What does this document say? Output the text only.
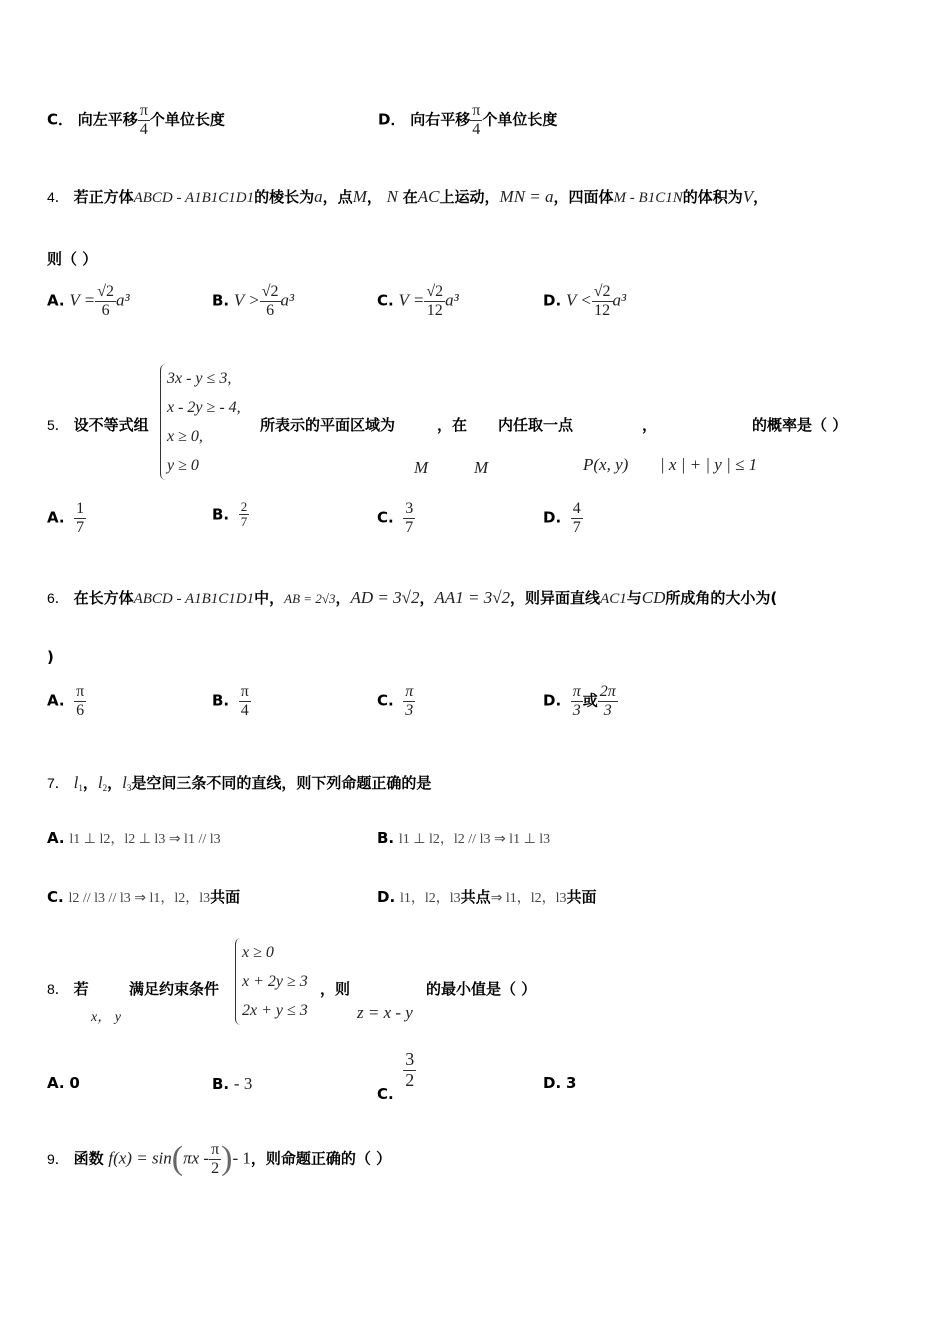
C． 向左平移 $\frac{\pi}{4}$ 个单位长度	D． 向右平移 $\frac{\pi}{4}$ 个单位长度
4． 若正方体ABCD - A1B1C1D1的棱长为a，点M， N 在AC上运动，MN = a，四面体M - B1C1N的体积为V，
则（ ）
A. $V = \frac{√2}{6} a^3$	B. $V > \frac{√2}{6} a^3$	C. $V = \frac{√2}{12} a^3$	D. $V < \frac{√2}{12} a^3$
5． 设不等式组
3x - y ≤ 3,
x - 2y ≥ - 4,
x ≥ 0,
y ≥ 0
所表示的平面区域为	，在 内任取一点	，	的概率是（ ）
M	M	P(x, y) | x | + | y | ≤ 1
A. $\frac{1}{7}$	B. $\frac{2}{7}$	C. $\frac{3}{7}$	D. $\frac{4}{7}$
6． 在长方体ABCD - A1B1C1D1中，AB = 2√3，AD = 3√2，AA1 = 3√2，则异面直线AC1与CD所成角的大小为(
)
A. $\frac{\pi}{6}$	B. $\frac{\pi}{4}$	C. $\frac{\pi}{3}$	D. $\frac{\pi}{3}$ 或 $\frac{2\pi}{3}$
7． l1，l2，l3是空间三条不同的直线，则下列命题正确的是
A. l1 ⊥ l2，l2 ⊥ l3 ⇒ l1 // l3	B. l1 ⊥ l2，l2 // l3 ⇒ l1 ⊥ l3
C. l2 // l3 // l3 ⇒ l1，l2，l3共面	D. l1，l2，l3共点⇒ l1，l2，l3共面
8． 若	满足约束条件
x ≥ 0
x + 2y ≥ 3
2x + y ≤ 3
，则	的最小值是（ ）
x， y	z = x - y
A. 0	B. - 3
C.
$\frac{3}{2}$	D. 3
9． 函数 $f(x) = \sin(\pi x - \frac{\pi}{2}$ )- 1，则命题正确的（ ）
